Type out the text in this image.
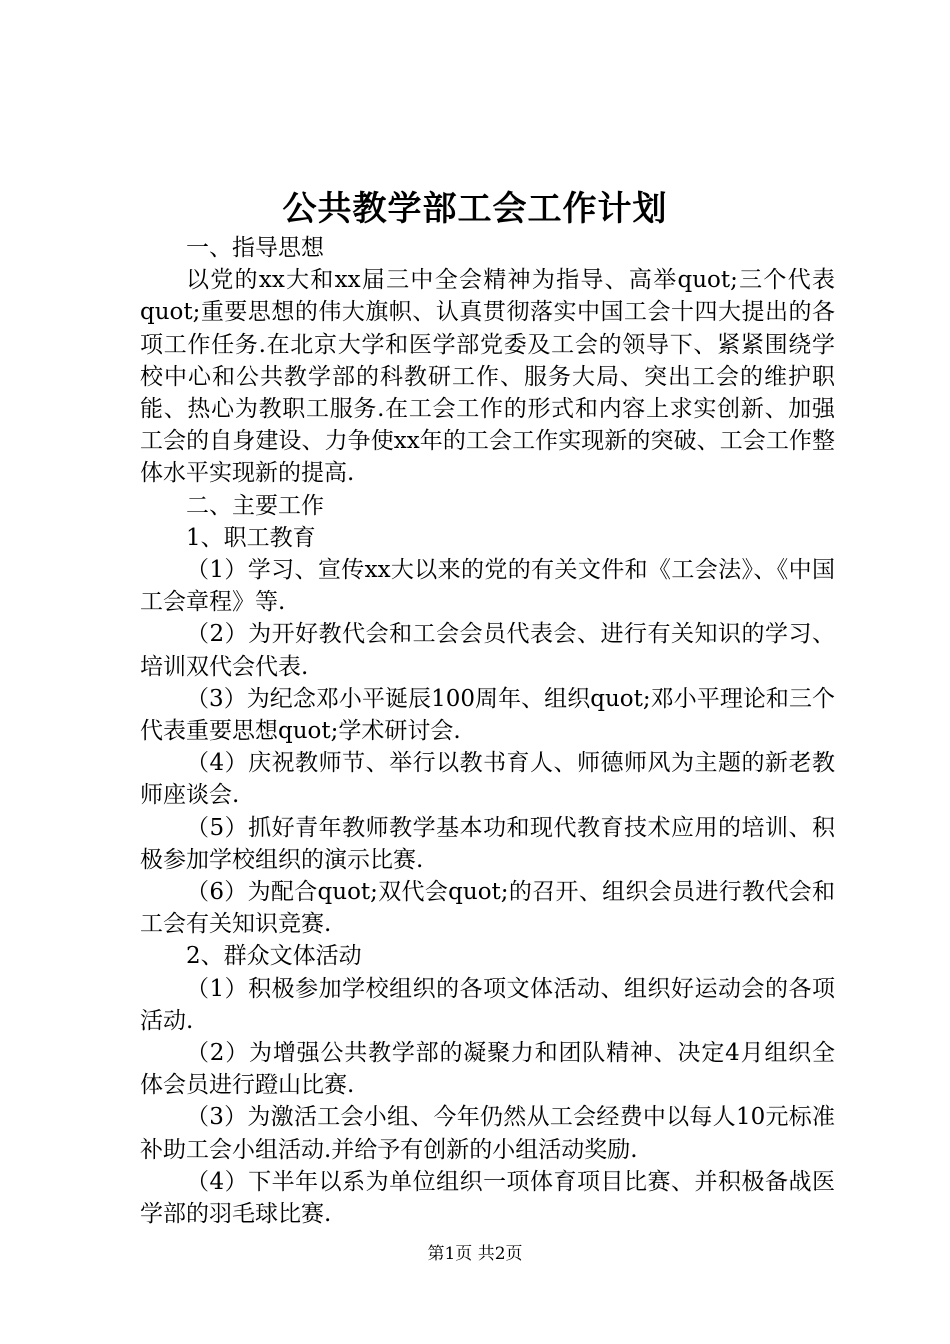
公共教学部工会工作计划

一、指导思想

以党的xx大和xx届三中全会精神为指导、高举quot;三个代表quot;重要思想的伟大旗帜、认真贯彻落实中国工会十四大提出的各项工作任务.在北京大学和医学部党委及工会的领导下、紧紧围绕学校中心和公共教学部的科教研工作、服务大局、突出工会的维护职能、热心为教职工服务.在工会工作的形式和内容上求实创新、加强工会的自身建设、力争使xx年的工会工作实现新的突破、工会工作整体水平实现新的提高.

二、主要工作

1、职工教育

（1）学习、宣传xx大以来的党的有关文件和《工会法》、《中国工会章程》等.

（2）为开好教代会和工会会员代表会、进行有关知识的学习、培训双代会代表.

（3）为纪念邓小平诞辰100周年、组织quot;邓小平理论和三个代表重要思想quot;学术研讨会.

（4）庆祝教师节、举行以教书育人、师德师风为主题的新老教师座谈会.

（5）抓好青年教师教学基本功和现代教育技术应用的培训、积极参加学校组织的演示比赛.

（6）为配合quot;双代会quot;的召开、组织会员进行教代会和工会有关知识竞赛.

2、群众文体活动

（1）积极参加学校组织的各项文体活动、组织好运动会的各项活动.

（2）为增强公共教学部的凝聚力和团队精神、决定4月组织全体会员进行蹬山比赛.

（3）为激活工会小组、今年仍然从工会经费中以每人10元标准补助工会小组活动.并给予有创新的小组活动奖励.

（4）下半年以系为单位组织一项体育项目比赛、并积极备战医学部的羽毛球比赛.

第1页 共2页
